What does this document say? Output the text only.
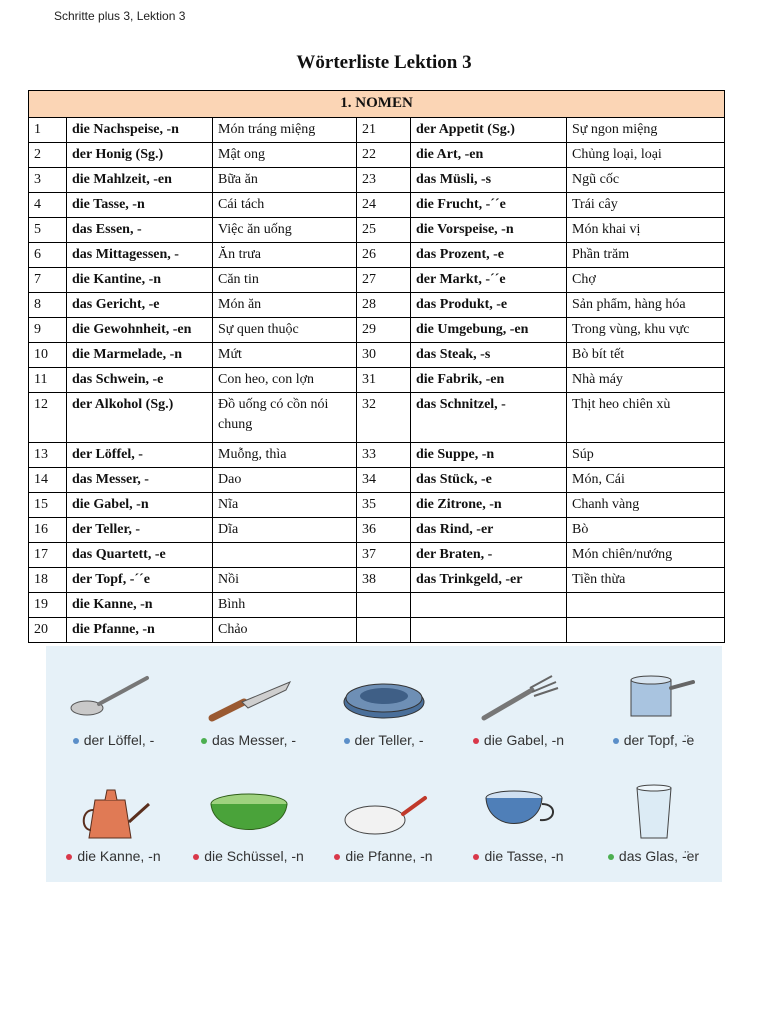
Schritte plus 3, Lektion 3
Wörterliste Lektion 3
1. NOMEN					
1	die Nachspeise, -n	Món tráng miệng	21	der Appetit (Sg.)	Sự ngon miệng
2	der Honig (Sg.)	Mật ong	22	die Art, -en	Chủng loại, loại
3	die Mahlzeit, -en	Bữa ăn	23	das Müsli, -s	Ngũ cốc
4	die Tasse, -n	Cái tách	24	die Frucht, -´´e	Trái cây
5	das Essen, -	Việc ăn uống	25	die Vorspeise, -n	Món khai vị
6	das Mittagessen, -	Ăn trưa	26	das Prozent, -e	Phần trăm
7	die Kantine, -n	Căn tin	27	der Markt, -´´e	Chợ
8	das Gericht, -e	Món ăn	28	das Produkt, -e	Sản phẩm, hàng hóa
9	die Gewohnheit, -en	Sự quen thuộc	29	die Umgebung, -en	Trong vùng, khu vực
10	die Marmelade, -n	Mứt	30	das Steak, -s	Bò bít tết
11	das Schwein, -e	Con heo, con lợn	31	die Fabrik, -en	Nhà máy
12	der Alkohol (Sg.)	Đồ uống có cồn nói chung	32	das Schnitzel, -	Thịt heo chiên xù
13	der Löffel, -	Muỗng, thìa	33	die Suppe, -n	Súp
14	das Messer, -	Dao	34	das Stück, -e	Món, Cái
15	die Gabel, -n	Nĩa	35	die Zitrone, -n	Chanh vàng
16	der Teller, -	Dĩa	36	das Rind, -er	Bò
17	das Quartett, -e		37	der Braten, -	Món chiên/nướng
18	der Topf, -´´e	Nồi	38	das Trinkgeld, -er	Tiền thừa
19	die Kanne, -n	Bình			
20	die Pfanne, -n	Chảo			
der Löffel, -	das Messer, -	der Teller, -	die Gabel, -n	der Topf, -̈e
die Kanne, -n	die Schüssel, -n	die Pfanne, -n	die Tasse, -n	das Glas, -̈er
